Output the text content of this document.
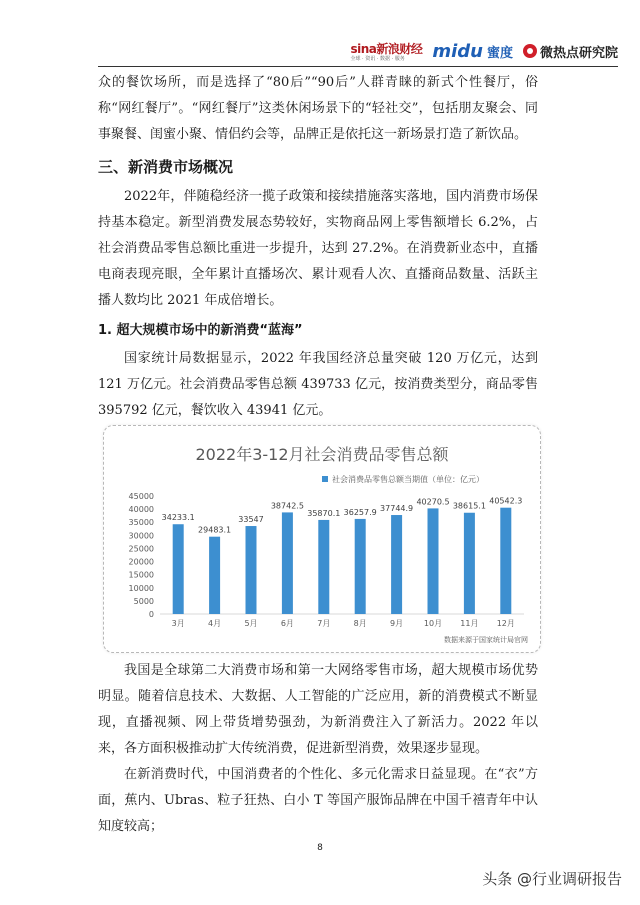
sina新浪财经
全球 · 资讯 · 数据 · 服务	midu 蜜度 微热点研究院

众的餐饮场所，而是选择了“80后”“90后”人群青睐的新式个性餐厅，俗称“网红餐厅”。“网红餐厅”这类休闲场景下的“轻社交”，包括朋友聚会、同事聚餐、闺蜜小聚、情侣约会等，品牌正是依托这一新场景打造了新饮品。

三、新消费市场概况

2022年，伴随稳经济一揽子政策和接续措施落实落地，国内消费市场保持基本稳定。新型消费发展态势较好，实物商品网上零售额增长 6.2%，占社会消费品零售总额比重进一步提升，达到 27.2%。在消费新业态中，直播电商表现亮眼，全年累计直播场次、累计观看人次、直播商品数量、活跃主播人数均比 2021 年成倍增长。

1. 超大规模市场中的新消费“蓝海”

国家统计局数据显示，2022 年我国经济总量突破 120 万亿元，达到 121 万亿元。社会消费品零售总额 439733 亿元，按消费类型分，商品零售 395792 亿元，餐饮收入 43941 亿元。

2022年3-12月社会消费品零售总额
社会消费品零售总额当期值（单位：亿元）
0
5000
10000
15000
20000
25000
30000
35000
40000
45000
34233.1
29483.1
33547
38742.5
35870.1 36257.9 37744.9
40270.5 38615.1
40542.3
3月	4月	5月	6月	7月	8月	9月	10月 11月 12月
数据来源于国家统计局官网

我国是全球第二大消费市场和第一大网络零售市场，超大规模市场优势明显。随着信息技术、大数据、人工智能的广泛应用，新的消费模式不断显现，直播视频、网上带货增势强劲，为新消费注入了新活力。2022 年以来，各方面积极推动扩大传统消费，促进新型消费，效果逐步显现。

在新消费时代，中国消费者的个性化、多元化需求日益显现。在“衣”方面，蕉内、Ubras、粒子狂热、白小 T 等国产服饰品牌在中国千禧青年中认知度较高；

8
头条 @行业调研报告
